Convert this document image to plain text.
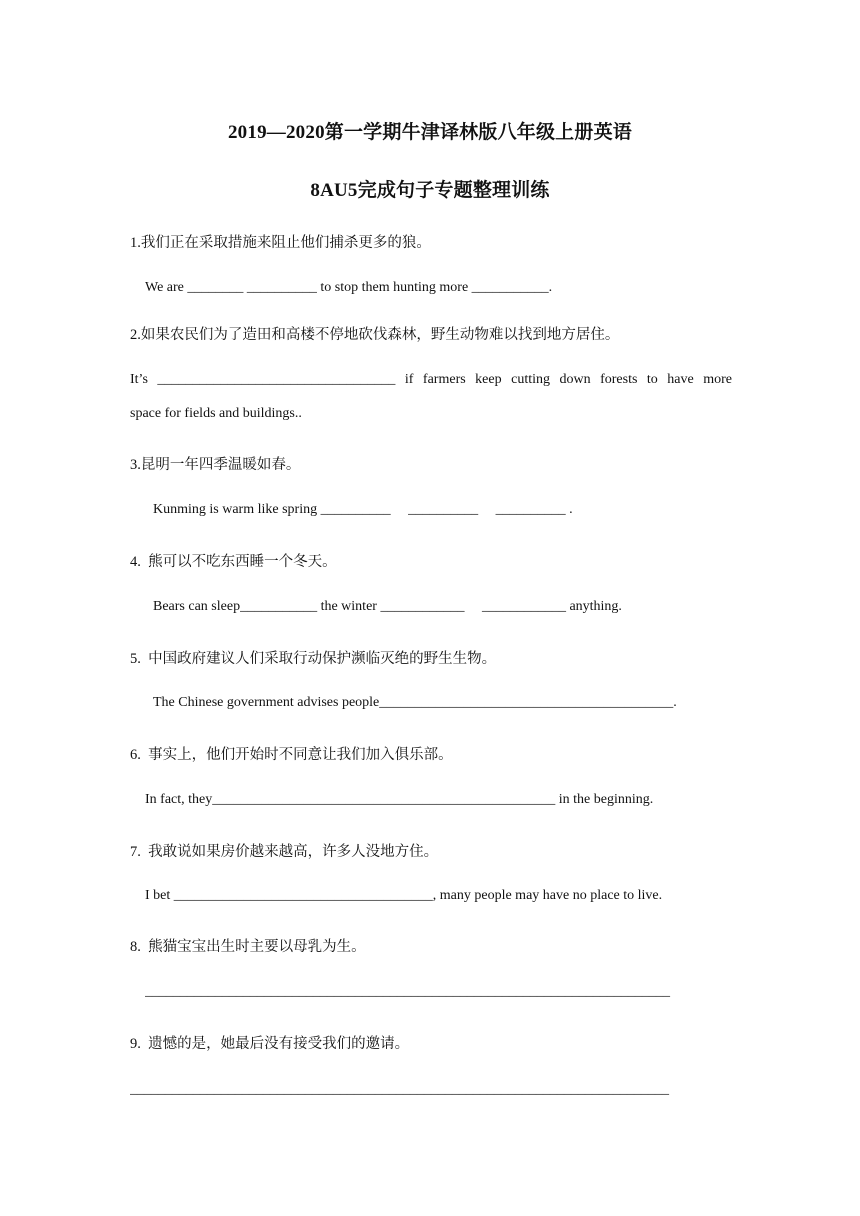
2019—2020第一学期牛津译林版八年级上册英语
8AU5完成句子专题整理训练
1.我们正在采取措施来阻止他们捕杀更多的狼。
We are ________ __________ to stop them hunting more ___________.
2.如果农民们为了造田和高楼不停地砍伐森林，野生动物难以找到地方居住。
It’s __________________________________ if farmers keep cutting down forests to have more
space for fields and buildings..
3.昆明一年四季温暖如春。
Kunming is warm like spring __________     __________     __________ .
4.  熊可以不吃东西睡一个冬天。
Bears can sleep___________ the winter ____________     ____________ anything.
5.  中国政府建议人们采取行动保护濒临灭绝的野生生物。
The Chinese government advises people__________________________________________.
6.  事实上，他们开始时不同意让我们加入俱乐部。
In fact, they_________________________________________________ in the beginning.
7.  我敢说如果房价越来越高，许多人没地方住。
I bet _____________________________________, many people may have no place to live.
8.  熊猫宝宝出生时主要以母乳为生。
___________________________________________________________________________
9.  遗憾的是，她最后没有接受我们的邀请。
_____________________________________________________________________________
